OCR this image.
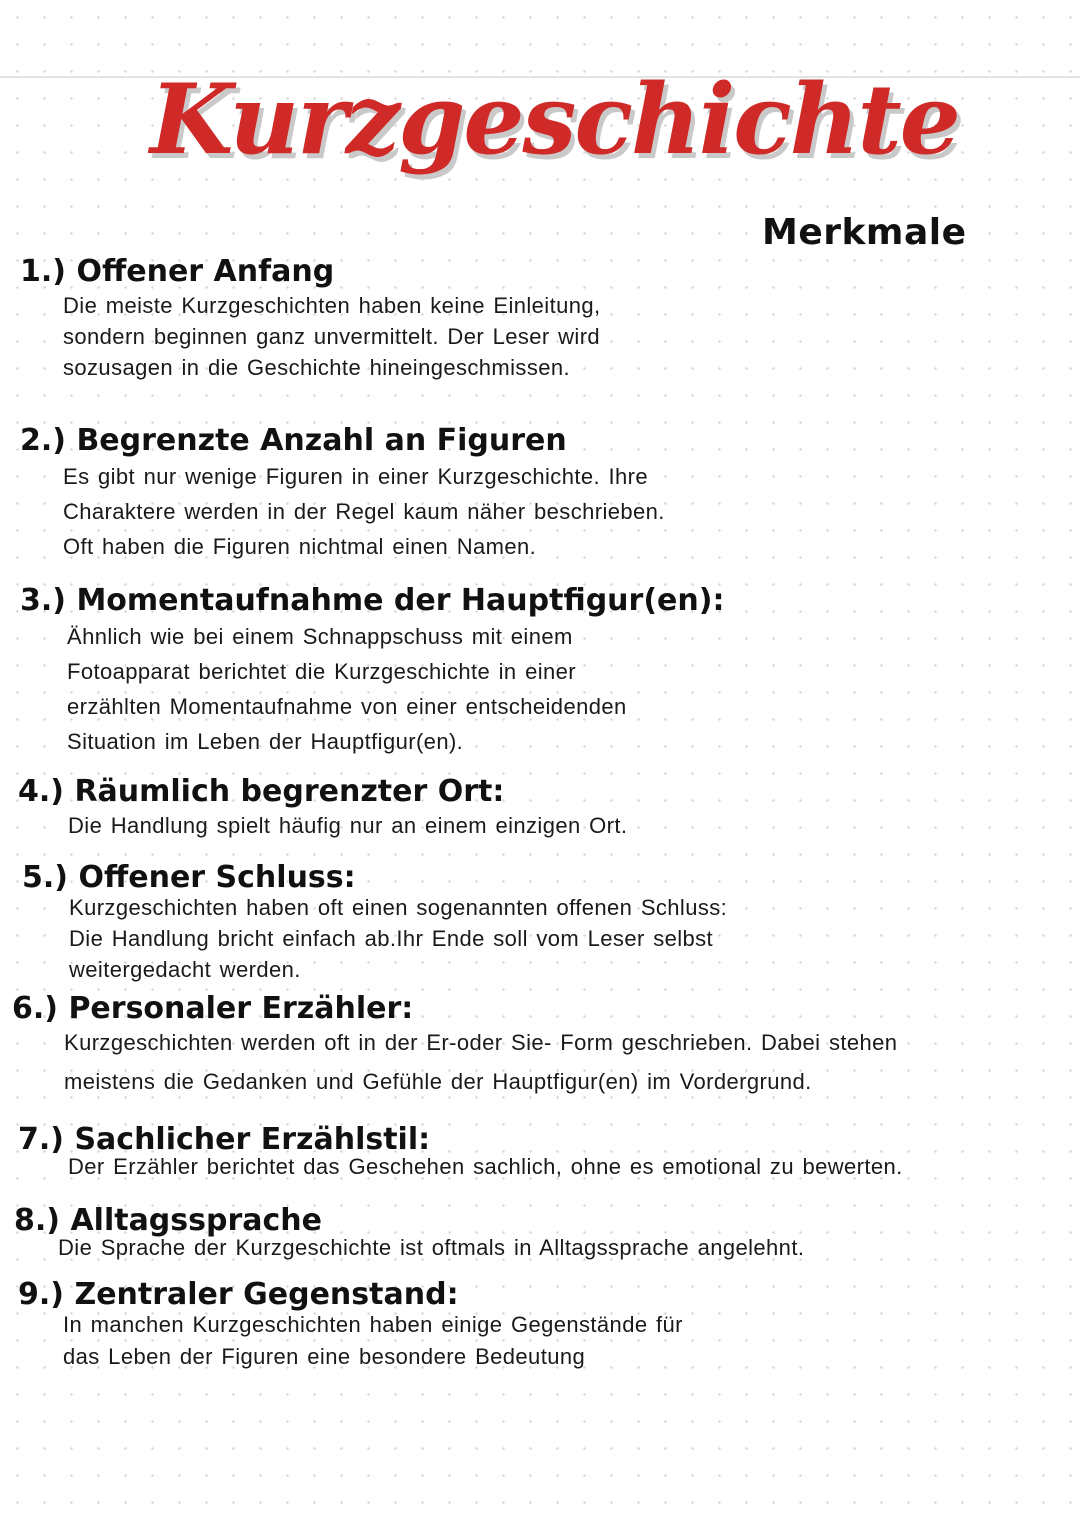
Kurzgeschichte
Merkmale
1.) Offener Anfang
Die meiste Kurzgeschichten haben keine Einleitung,
sondern beginnen ganz unvermittelt. Der Leser wird
sozusagen in die Geschichte hineingeschmissen.
2.) Begrenzte Anzahl an Figuren
Es gibt nur wenige Figuren in einer Kurzgeschichte. Ihre
Charaktere werden in der Regel kaum näher beschrieben.
Oft haben die Figuren nichtmal einen Namen.
3.) Momentaufnahme der Hauptfigur(en):
Ähnlich wie bei einem Schnappschuss mit einem
Fotoapparat berichtet die Kurzgeschichte in einer
erzählten Momentaufnahme von einer entscheidenden
Situation im Leben der Hauptfigur(en).
4.) Räumlich begrenzter Ort:
Die Handlung spielt häufig nur an einem einzigen Ort.
5.) Offener Schluss:
Kurzgeschichten haben oft einen sogenannten offenen Schluss:
Die Handlung bricht einfach ab.Ihr Ende soll vom Leser selbst
weitergedacht werden.
6.) Personaler Erzähler:
Kurzgeschichten werden oft in der Er-oder Sie- Form geschrieben. Dabei stehen
meistens die Gedanken und Gefühle der Hauptfigur(en) im Vordergrund.
7.) Sachlicher Erzählstil:
Der Erzähler berichtet das Geschehen sachlich, ohne es emotional zu bewerten.
8.) Alltagssprache
Die Sprache der Kurzgeschichte ist oftmals in Alltagssprache angelehnt.
9.) Zentraler Gegenstand:
In manchen Kurzgeschichten haben einige Gegenstände für
das Leben der Figuren eine besondere Bedeutung
